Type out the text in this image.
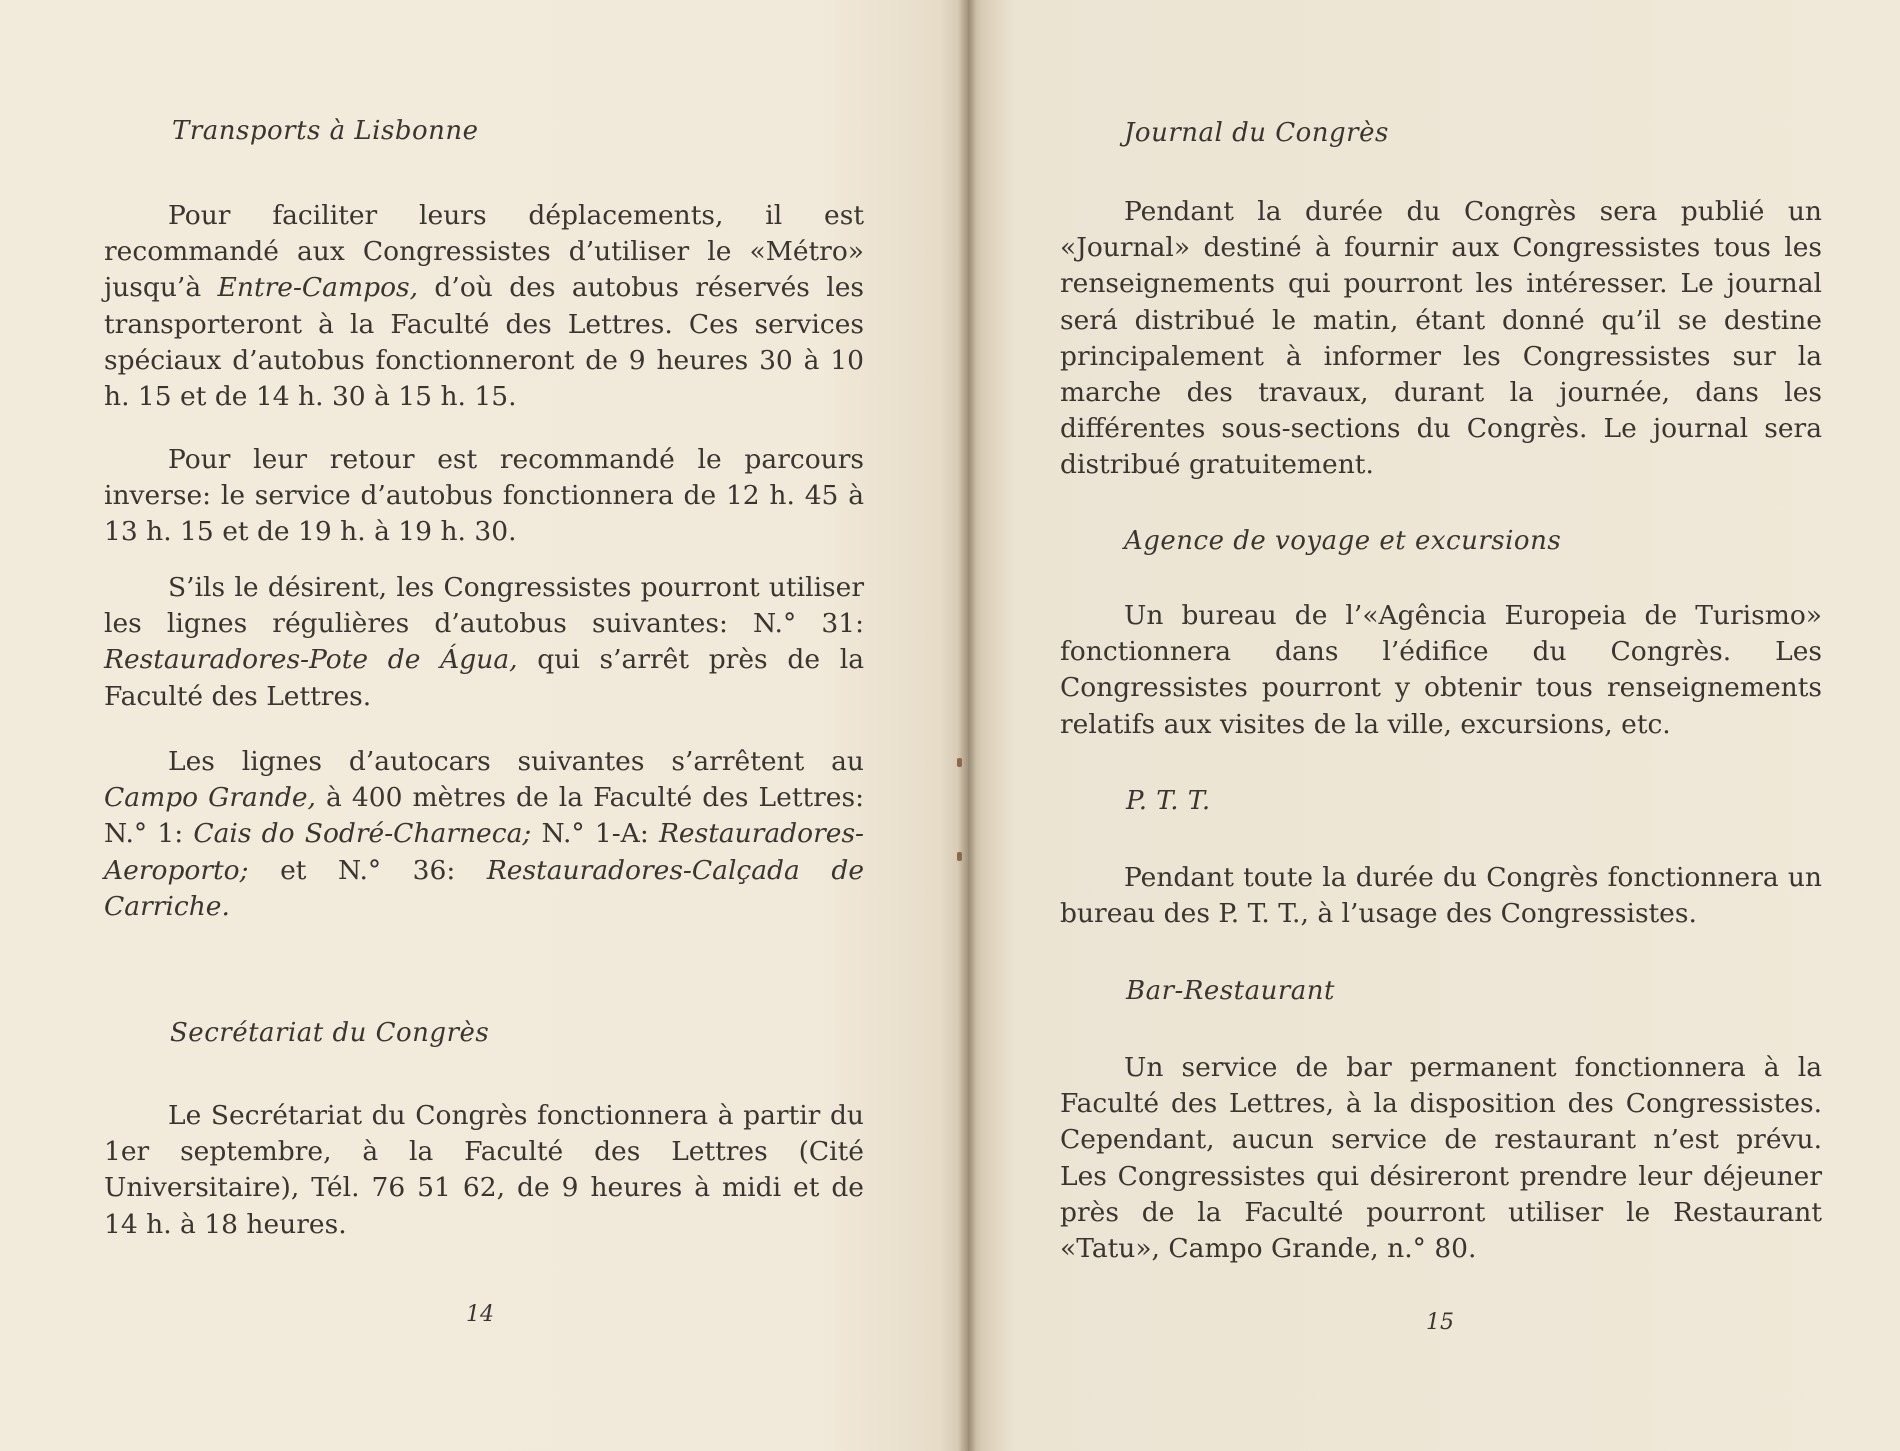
Transports à Lisbonne

Pour faciliter leurs déplacements, il est recommandé aux Congressistes d’utiliser le «Métro» jusqu’à Entre-Campos, d’où des autobus réservés les transporteront à la Faculté des Lettres. Ces services spéciaux d’autobus fonctionneront de 9 heures 30 à 10 h. 15 et de 14 h. 30 à 15 h. 15.

Pour leur retour est recommandé le parcours inverse: le service d’autobus fonctionnera de 12 h. 45 à 13 h. 15 et de 19 h. à 19 h. 30.

S’ils le désirent, les Congressistes pourront utiliser les lignes régulières d’autobus suivantes: N.° 31: Restauradores-Pote de Água, qui s’arrêt près de la Faculté des Lettres.

Les lignes d’autocars suivantes s’arrêtent au Campo Grande, à 400 mètres de la Faculté des Lettres: N.° 1: Cais do Sodré-Charneca; N.° 1-A: Restauradores-Aeroporto; et N.° 36: Restauradores-Calçada de Carriche.

Secrétariat du Congrès

Le Secrétariat du Congrès fonctionnera à partir du 1er septembre, à la Faculté des Lettres (Cité Universitaire), Tél. 76 51 62, de 9 heures à midi et de 14 h. à 18 heures.

14
Journal du Congrès

Pendant la durée du Congrès sera publié un «Journal» destiné à fournir aux Congressistes tous les renseignements qui pourront les intéresser. Le journal será distribué le matin, étant donné qu’il se destine principalement à informer les Congressistes sur la marche des travaux, durant la journée, dans les différentes sous-sections du Congrès. Le journal sera distribué gratuitement.

Agence de voyage et excursions

Un bureau de l’«Agência Europeia de Turismo» fonctionnera dans l’édifice du Congrès. Les Congressistes pourront y obtenir tous renseignements relatifs aux visites de la ville, excursions, etc.

P. T. T.

Pendant toute la durée du Congrès fonctionnera un bureau des P. T. T., à l’usage des Congressistes.

Bar-Restaurant

Un service de bar permanent fonctionnera à la Faculté des Lettres, à la disposition des Congressistes. Cependant, aucun service de restaurant n’est prévu. Les Congressistes qui désireront prendre leur déjeuner près de la Faculté pourront utiliser le Restaurant «Tatu», Campo Grande, n.° 80.

15
